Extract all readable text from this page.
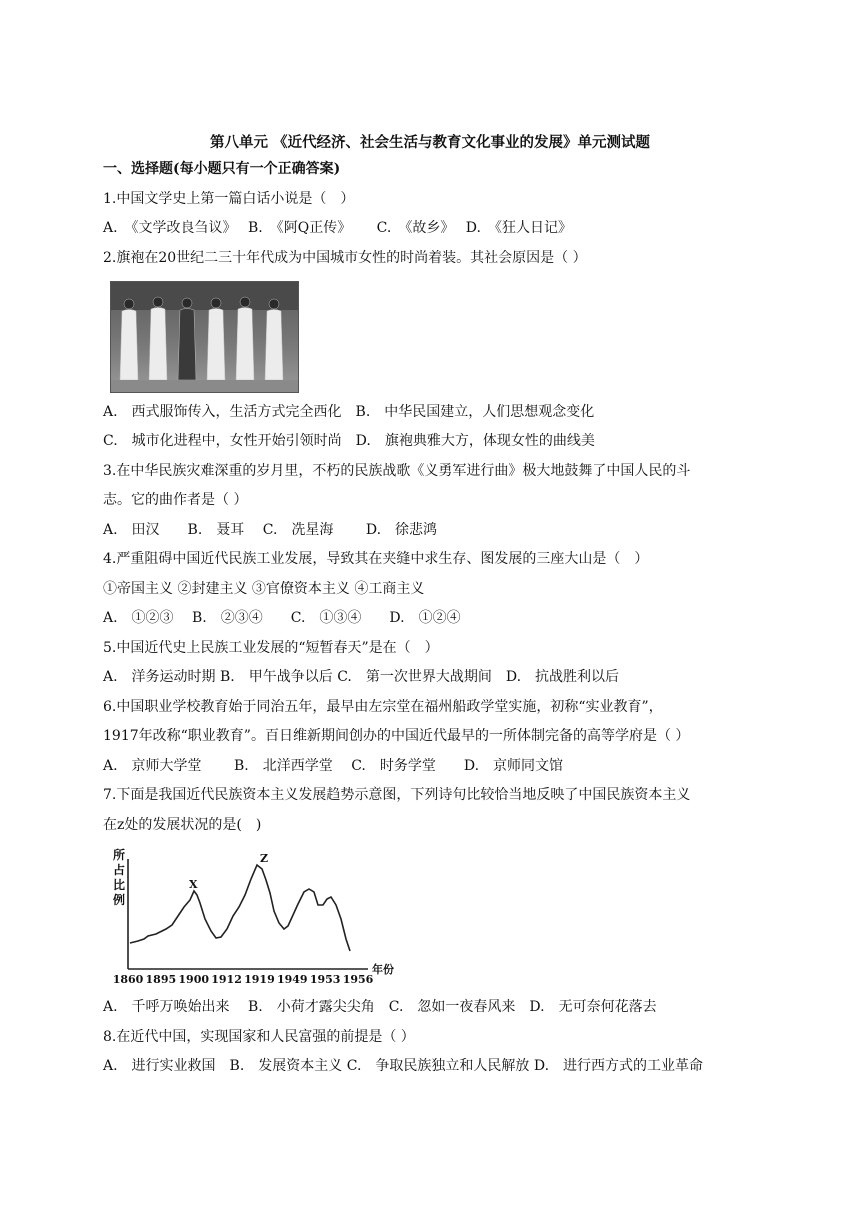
第八单元 《近代经济、社会生活与教育文化事业的发展》单元测试题
一、选择题(每小题只有一个正确答案)
1.中国文学史上第一篇白话小说是（　）
A.　《文学改良刍议》　 B.　《阿Q正传》　　 C.　《故乡》　 D.　《狂人日记》
2.旗袍在20世纪二三十年代成为中国城市女性的时尚着装。其社会原因是（ ）
A.　西式服饰传入，生活方式完全西化　B.　中华民国建立，人们思想观念变化
C.　城市化进程中，女性开始引领时尚　D.　旗袍典雅大方，体现女性的曲线美
3.在中华民族灾难深重的岁月里，不朽的民族战歌《义勇军进行曲》极大地鼓舞了中国人民的斗
志。它的曲作者是（ ）
A.　田汉　　B.　聂耳　 C.　冼星海　　 D.　徐悲鸿
4.严重阻碍中国近代民族工业发展，导致其在夹缝中求生存、图发展的三座大山是（　）
①帝国主义 ②封建主义 ③官僚资本主义 ④工商主义
A.　①②③　 B.　②③④　　C.　①③④　　D.　①②④
5.中国近代史上民族工业发展的“短暂春天”是在（　）
A.　洋务运动时期 B.　甲午战争以后 C.　第一次世界大战期间　D.　抗战胜利以后
6.中国职业学校教育始于同治五年，最早由左宗堂在福州船政学堂实施，初称“实业教育”，
1917年改称“职业教育”。百日维新期间创办的中国近代最早的一所体制完备的高等学府是（ ）
A.　京师大学堂　　 B.　北洋西学堂　 C.　时务学堂　　D.　京师同文馆
7.下面是我国近代民族资本主义发展趋势示意图，下列诗句比较恰当地反映了中国民族资本主义
在z处的发展状况的是(　)
所
占
比
例
X
Z
1860 1895 1900 1912 1919 1949 1953 1956
年份
A.　千呼万唤始出来　 B.　小荷才露尖尖角　C.　忽如一夜春风来　D.　无可奈何花落去
8.在近代中国，实现国家和人民富强的前提是（ ）
A.　进行实业救国　B.　发展资本主义 C.　争取民族独立和人民解放 D.　进行西方式的工业革命
